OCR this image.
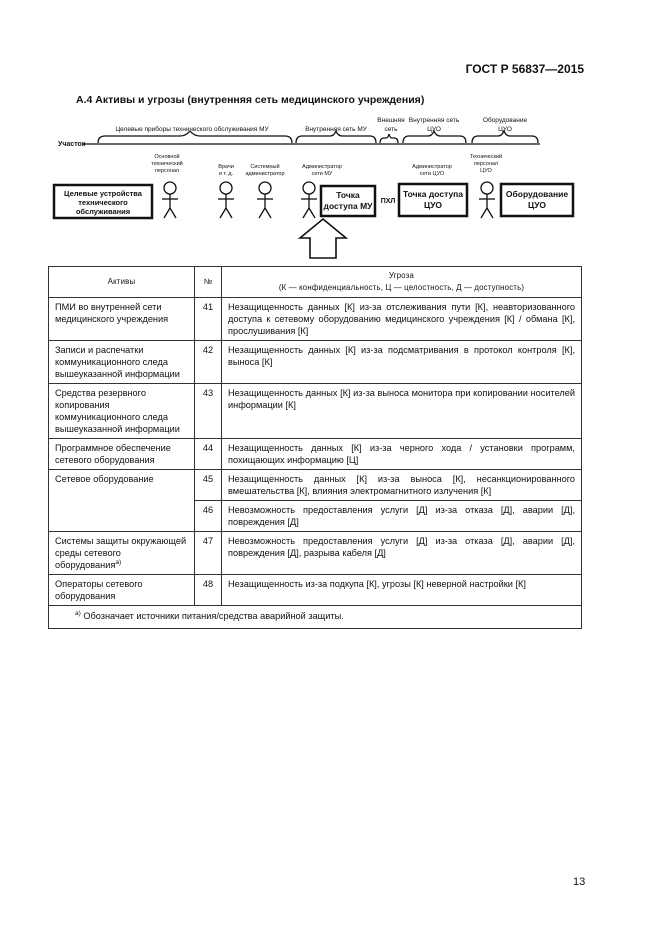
ГОСТ Р 56837—2015
А.4 Активы и угрозы (внутренняя сеть медицинского учреждения)
Участок
Целевые приборы технического обслуживания МУ	Внутренняя сеть МУ
Внешняя
сеть
Внутренняя сеть
ЦУО
Оборудование
ЦУО
Основной
технический
персонал
Врачи
и т. д.
Системный
администратор
Администратор
сети МУ
Администратор
сети ЦУО
Технический
персонал
ЦУО
Целевые устройства
технического
обслуживания
Точка
доступа МУ ПХЛ
Точка доступа
ЦУО
Оборудование
ЦУО
Активы	№	Угроза
(К — конфиденциальность, Ц — целостность, Д — доступность)

ПМИ во внутренней сети медицинского учреждения	41	Незащищенность данных [К] из-за отслеживания пути [К], неавторизованного доступа к сетевому оборудованию медицинского учреждения [К] / обмана [К], прослушивания [К]
Записи и распечатки коммуникационного следа вышеуказанной информации	42	Незащищенность данных [К] из-за подсматривания в протокол контроля [К], выноса [К]
Средства резервного копирования коммуникационного следа вышеуказанной информации	43	Незащищенность данных [К] из-за выноса монитора при копировании носителей информации [К]
Программное обеспечение сетевого оборудования	44	Незащищенность данных [К] из-за черного хода / установки программ, похищающих информацию [Ц]
Сетевое оборудование	45	Незащищенность данных [К] из-за выноса [К], несанкционированного вмешательства [К], влияния электромагнитного излучения [К]
	46	Невозможность предоставления услуги [Д] из-за отказа [Д], аварии [Д], повреждения [Д]
Системы защиты окружающей среды сетевого оборудования$^{а)}$	47	Невозможность предоставления услуги [Д] из-за отказа [Д], аварии [Д], повреждения [Д], разрыва кабеля [Д]
Операторы сетевого оборудования	48	Незащищенность из-за подкупа [К], угрозы [К] неверной настройки [К]
$^{а)}$ Обозначает источники питания/средства аварийной защиты.		
13
